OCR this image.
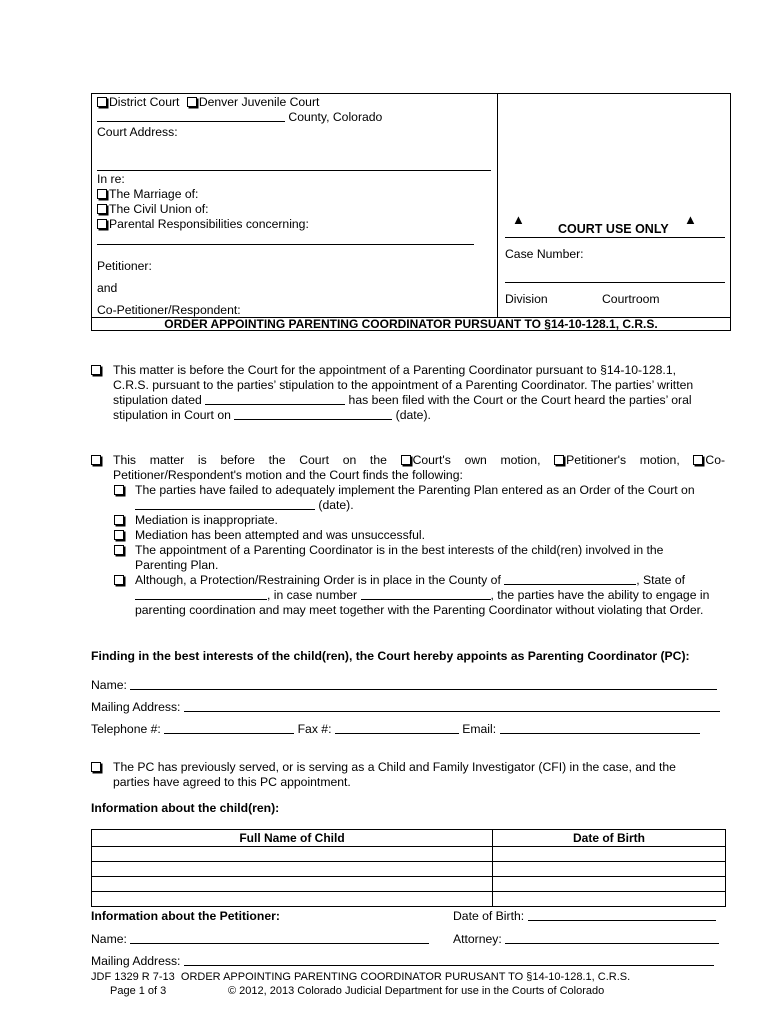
District Court Denver Juvenile Court
County, Colorado
Court Address:
In re:
The Marriage of:
The Civil Union of:
Parental Responsibilities concerning:
Petitioner:
and
Co-Petitioner/Respondent:
▲
COURT USE ONLY
▲
Case Number:
Division	Courtroom
ORDER APPOINTING PARENTING COORDINATOR PURSUANT TO §14-10-128.1, C.R.S.
This matter is before the Court for the appointment of a Parenting Coordinator pursuant to §14-10-128.1,
C.R.S. pursuant to the parties’ stipulation to the appointment of a Parenting Coordinator. The parties’ written
stipulation dated	has been filed with the Court or the Court heard the parties’ oral
stipulation in Court on	(date).
This matter is before the Court on the Court's own motion, Petitioner's motion, Co-
Petitioner/Respondent's motion and the Court finds the following:
The parties have failed to adequately implement the Parenting Plan entered as an Order of the Court on
(date).
Mediation is inappropriate.
Mediation has been attempted and was unsuccessful.
The appointment of a Parenting Coordinator is in the best interests of the child(ren) involved in the
Parenting Plan.
Although, a Protection/Restraining Order is in place in the County of	, State of
, in case number	, the parties have the ability to engage in
parenting coordination and may meet together with the Parenting Coordinator without violating that Order.
Finding in the best interests of the child(ren), the Court hereby appoints as Parenting Coordinator (PC):
Name:
Mailing Address:
Telephone #:	Fax #:	Email:
The PC has previously served, or is serving as a Child and Family Investigator (CFI) in the case, and the
parties have agreed to this PC appointment.
Information about the child(ren):
Full Name of Child	Date of Birth

Information about the Petitioner:	Date of Birth:
Name:	Attorney:
Mailing Address:
JDF 1329 R 7-13 ORDER APPOINTING PARENTING COORDINATOR PURUSANT TO §14-10-128.1, C.R.S.
Page 1 of 3	© 2012, 2013 Colorado Judicial Department for use in the Courts of Colorado
